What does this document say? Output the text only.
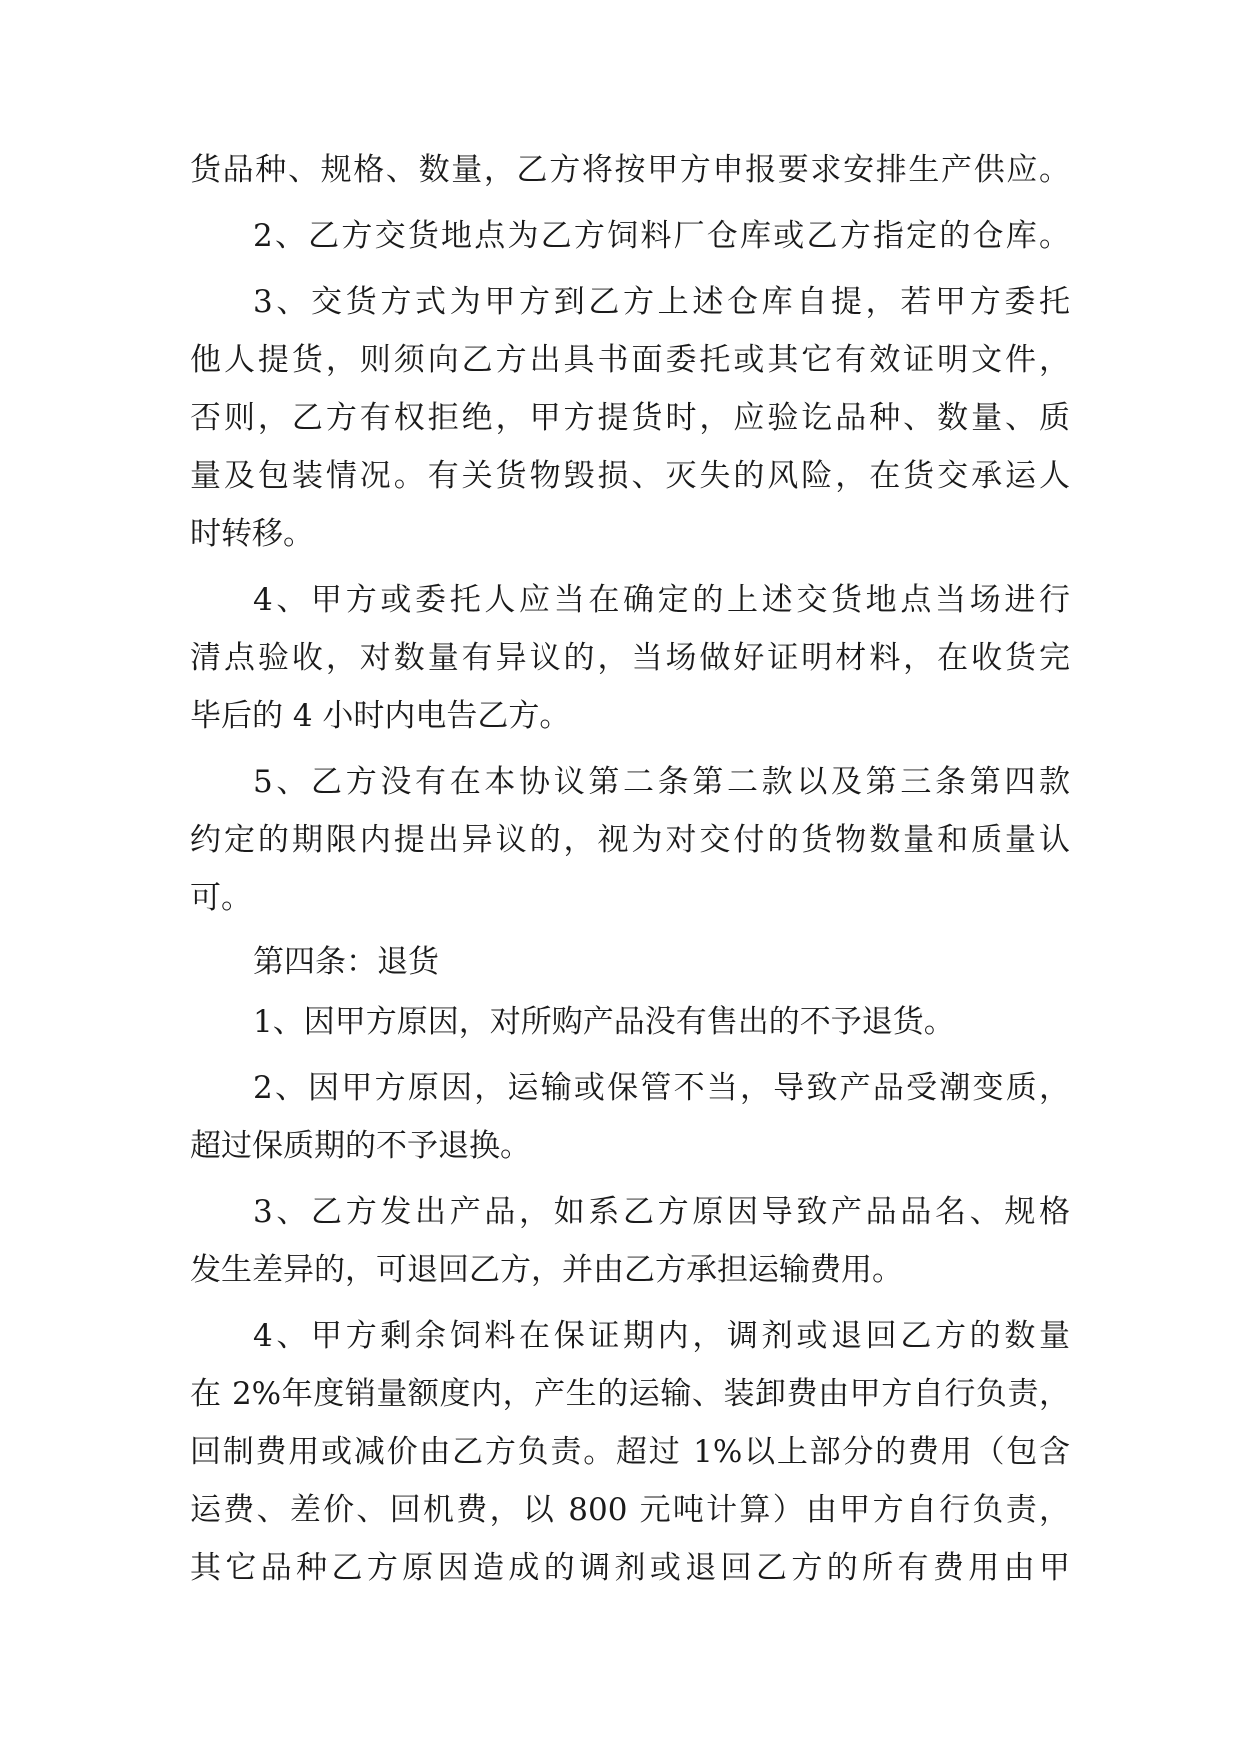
货品种、规格、数量，乙方将按甲方申报要求安排生产供应。
2、乙方交货地点为乙方饲料厂仓库或乙方指定的仓库。
3、交货方式为甲方到乙方上述仓库自提，若甲方委托
他人提货，则须向乙方出具书面委托或其它有效证明文件，
否则，乙方有权拒绝，甲方提货时，应验讫品种、数量、质
量及包装情况。有关货物毁损、灭失的风险，在货交承运人
时转移。
4、甲方或委托人应当在确定的上述交货地点当场进行
清点验收，对数量有异议的，当场做好证明材料，在收货完
毕后的 4 小时内电告乙方。
5、乙方没有在本协议第二条第二款以及第三条第四款
约定的期限内提出异议的，视为对交付的货物数量和质量认
可。
第四条：退货
1、因甲方原因，对所购产品没有售出的不予退货。
2、因甲方原因，运输或保管不当，导致产品受潮变质，
超过保质期的不予退换。
3、乙方发出产品，如系乙方原因导致产品品名、规格
发生差异的，可退回乙方，并由乙方承担运输费用。
4、甲方剩余饲料在保证期内，调剂或退回乙方的数量
在 2%年度销量额度内，产生的运输、装卸费由甲方自行负责，
回制费用或减价由乙方负责。超过 1%以上部分的费用（包含
运费、差价、回机费，以 800 元吨计算）由甲方自行负责，
其它品种乙方原因造成的调剂或退回乙方的所有费用由甲
